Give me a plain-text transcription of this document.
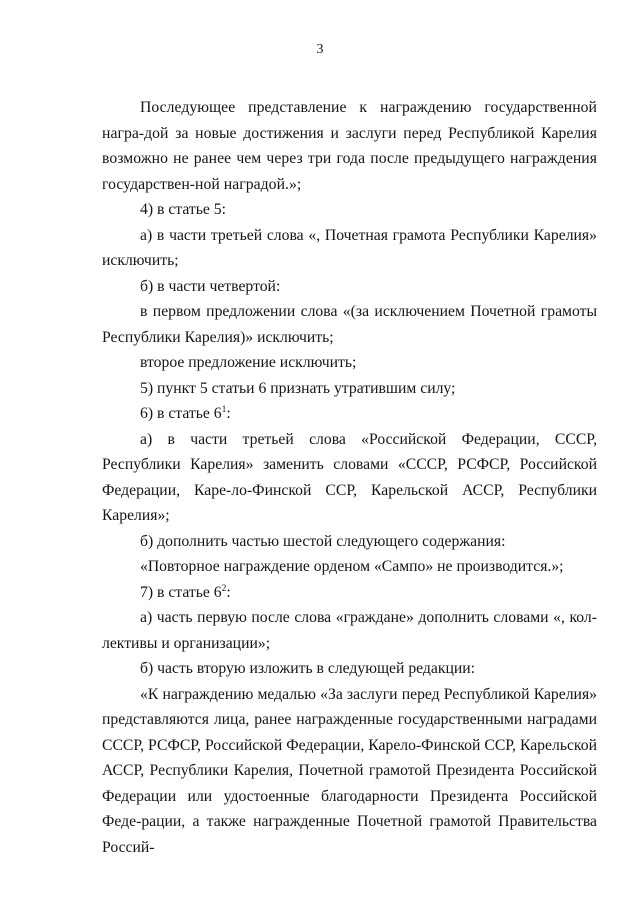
3

Последующее представление к награждению государственной награ-дой за новые достижения и заслуги перед Республикой Карелия возможно не ранее чем через три года после предыдущего награждения государствен-ной наградой.»;

4) в статье 5:

а) в части третьей слова «, Почетная грамота Республики Карелия» исключить;

б) в части четвертой:

в первом предложении слова «(за исключением Почетной грамоты Республики Карелия)» исключить;

второе предложение исключить;

5) пункт 5 статьи 6 признать утратившим силу;

6) в статье $6^1$:

а) в части третьей слова «Российской Федерации, СССР, Республики Карелия» заменить словами «СССР, РСФСР, Российской Федерации, Каре-ло-Финской ССР, Карельской АССР, Республики Карелия»;

б) дополнить частью шестой следующего содержания:

«Повторное награждение орденом «Сампо» не производится.»;

7) в статье $6^2$:

а) часть первую после слова «граждане» дополнить словами «, кол-лективы и организации»;

б) часть вторую изложить в следующей редакции:

«К награждению медалью «За заслуги перед Республикой Карелия» представляются лица, ранее награжденные государственными наградами СССР, РСФСР, Российской Федерации, Карело-Финской ССР, Карельской АССР, Республики Карелия, Почетной грамотой Президента Российской Федерации или удостоенные благодарности Президента Российской Феде-рации, а также награжденные Почетной грамотой Правительства Россий-
